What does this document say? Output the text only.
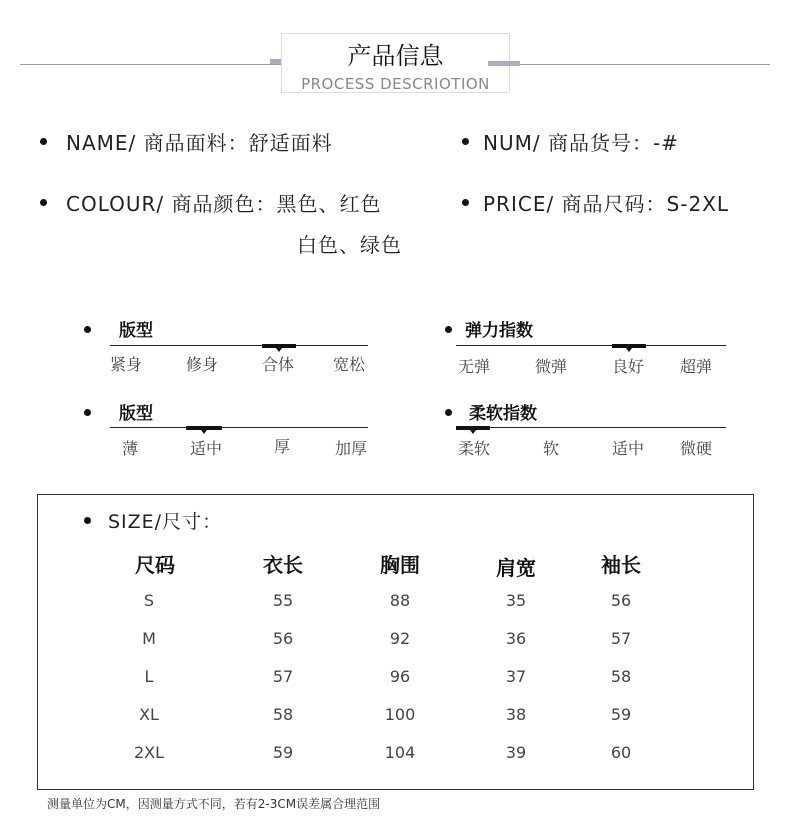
产品信息
PROCESS DESCRIOTION
NAME/ 商品面料：舒适面料	NUM/ 商品货号：-#
COLOUR/ 商品颜色：黑色、红色
白色、绿色
PRICE/ 商品尺码：S-2XL
版型
紧身	修身	合体 宽松
弹力指数
无弹	微弹	良好 超弹
版型
薄	适中	厚	加厚
柔软指数
柔软	软	适中 微硬
SIZE/尺寸：
尺码	衣长	胸围	肩宽	袖长
S	55	88	35	56
M	56	92	36	57
L	57	96	37	58
XL	58	100	38	59
2XL	59	104	39	60
测量单位为CM，因测量方式不同，若有2-3CM误差属合理范围
